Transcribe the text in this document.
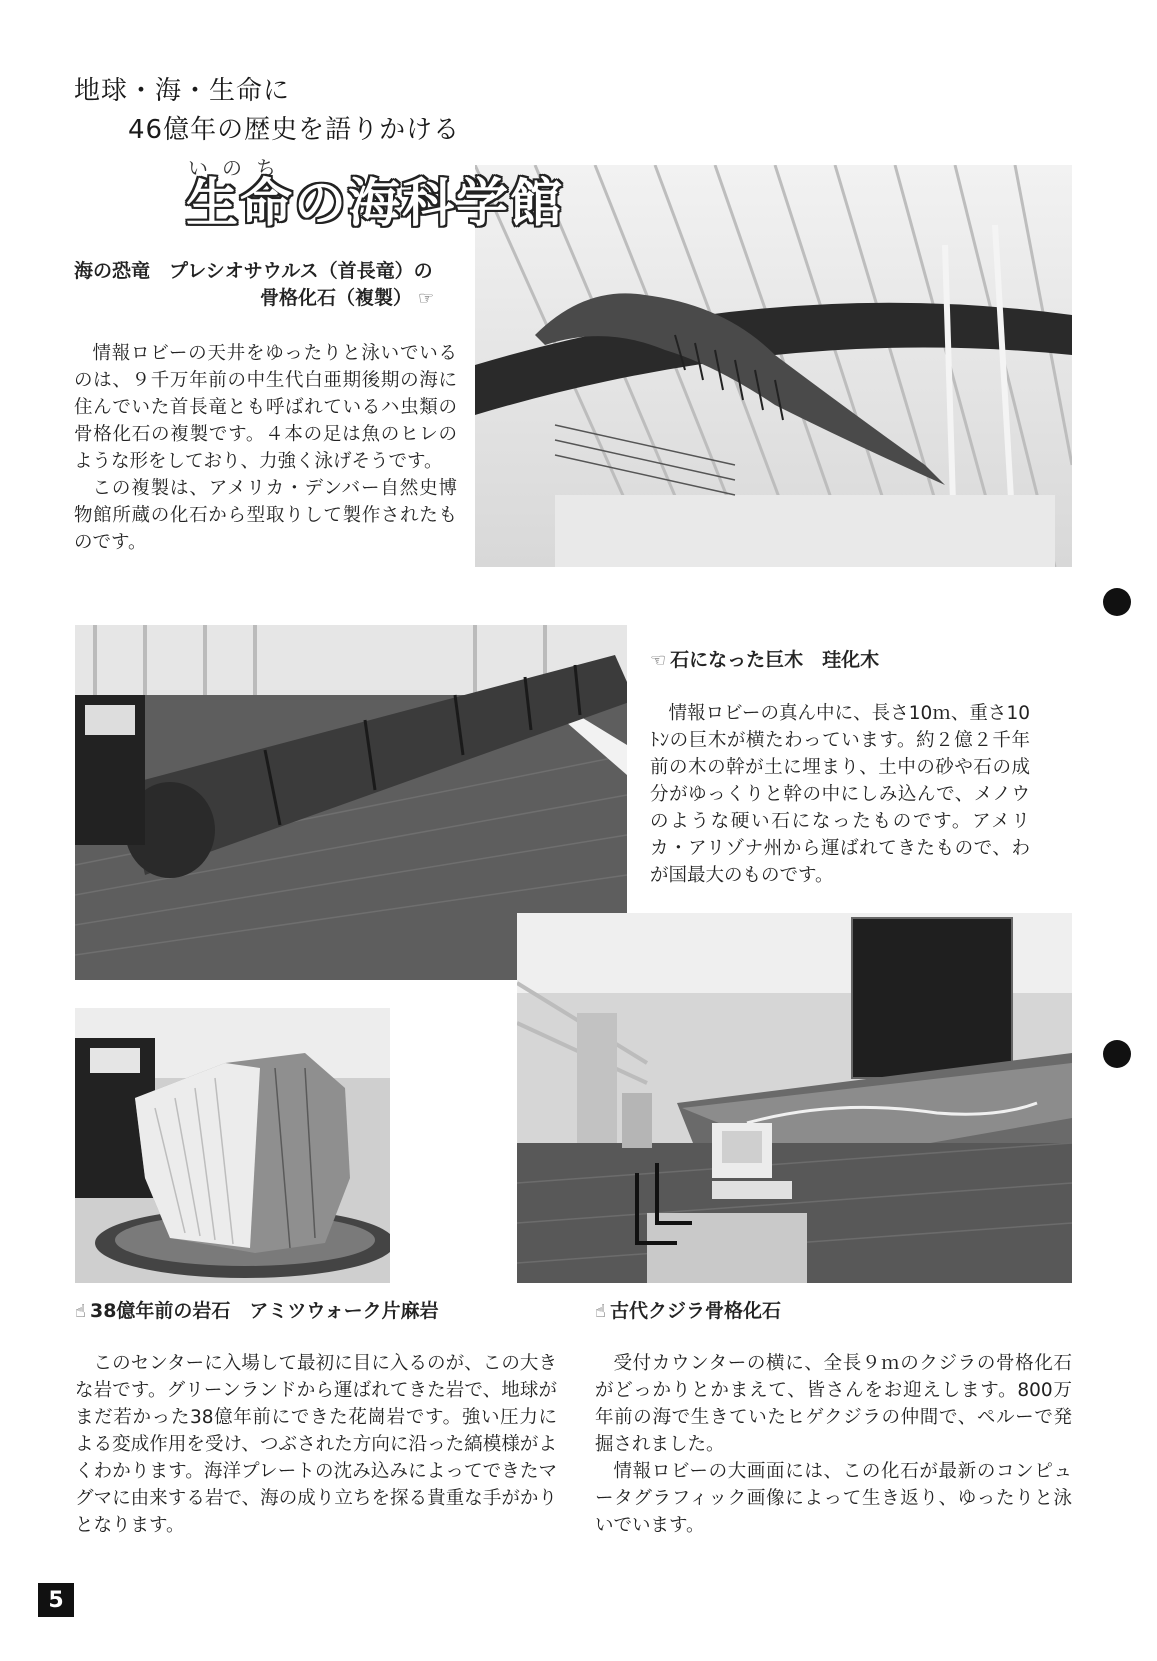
地球・海・生命に
46億年の歴史を語りかける
いのち
生命の海科学館
海の恐竜　プレシオサウルス（首長竜）の
骨格化石（複製） ☞

情報ロビーの天井をゆったりと泳いでいるのは、９千万年前の中生代白亜期後期の海に住んでいた首長竜とも呼ばれているハ虫類の骨格化石の複製です。４本の足は魚のヒレのような形をしており、力強く泳げそうです。

この複製は、アメリカ・デンバー自然史博物館所蔵の化石から型取りして製作されたものです。

☜ 石になった巨木　珪化木

情報ロビーの真ん中に、長さ10ｍ、重さ10ﾄﾝの巨木が横たわっています。約２億２千年前の木の幹が土に埋まり、土中の砂や石の成分がゆっくりと幹の中にしみ込んで、メノウのような硬い石になったものです。アメリカ・アリゾナ州から運ばれてきたもので、わが国最大のものです。

☝ 38億年前の岩石　アミツウォーク片麻岩	☝ 古代クジラ骨格化石

このセンターに入場して最初に目に入るのが、この大きな岩です。グリーンランドから運ばれてきた岩で、地球がまだ若かった38億年前にできた花崗岩です。強い圧力による変成作用を受け、つぶされた方向に沿った縞模様がよくわかります。海洋プレートの沈み込みによってできたマグマに由来する岩で、海の成り立ちを探る貴重な手がかりとなります。

受付カウンターの横に、全長９ｍのクジラの骨格化石がどっかりとかまえて、皆さんをお迎えします。800万年前の海で生きていたヒゲクジラの仲間で、ペルーで発掘されました。

情報ロビーの大画面には、この化石が最新のコンピュータグラフィック画像によって生き返り、ゆったりと泳いでいます。

5
